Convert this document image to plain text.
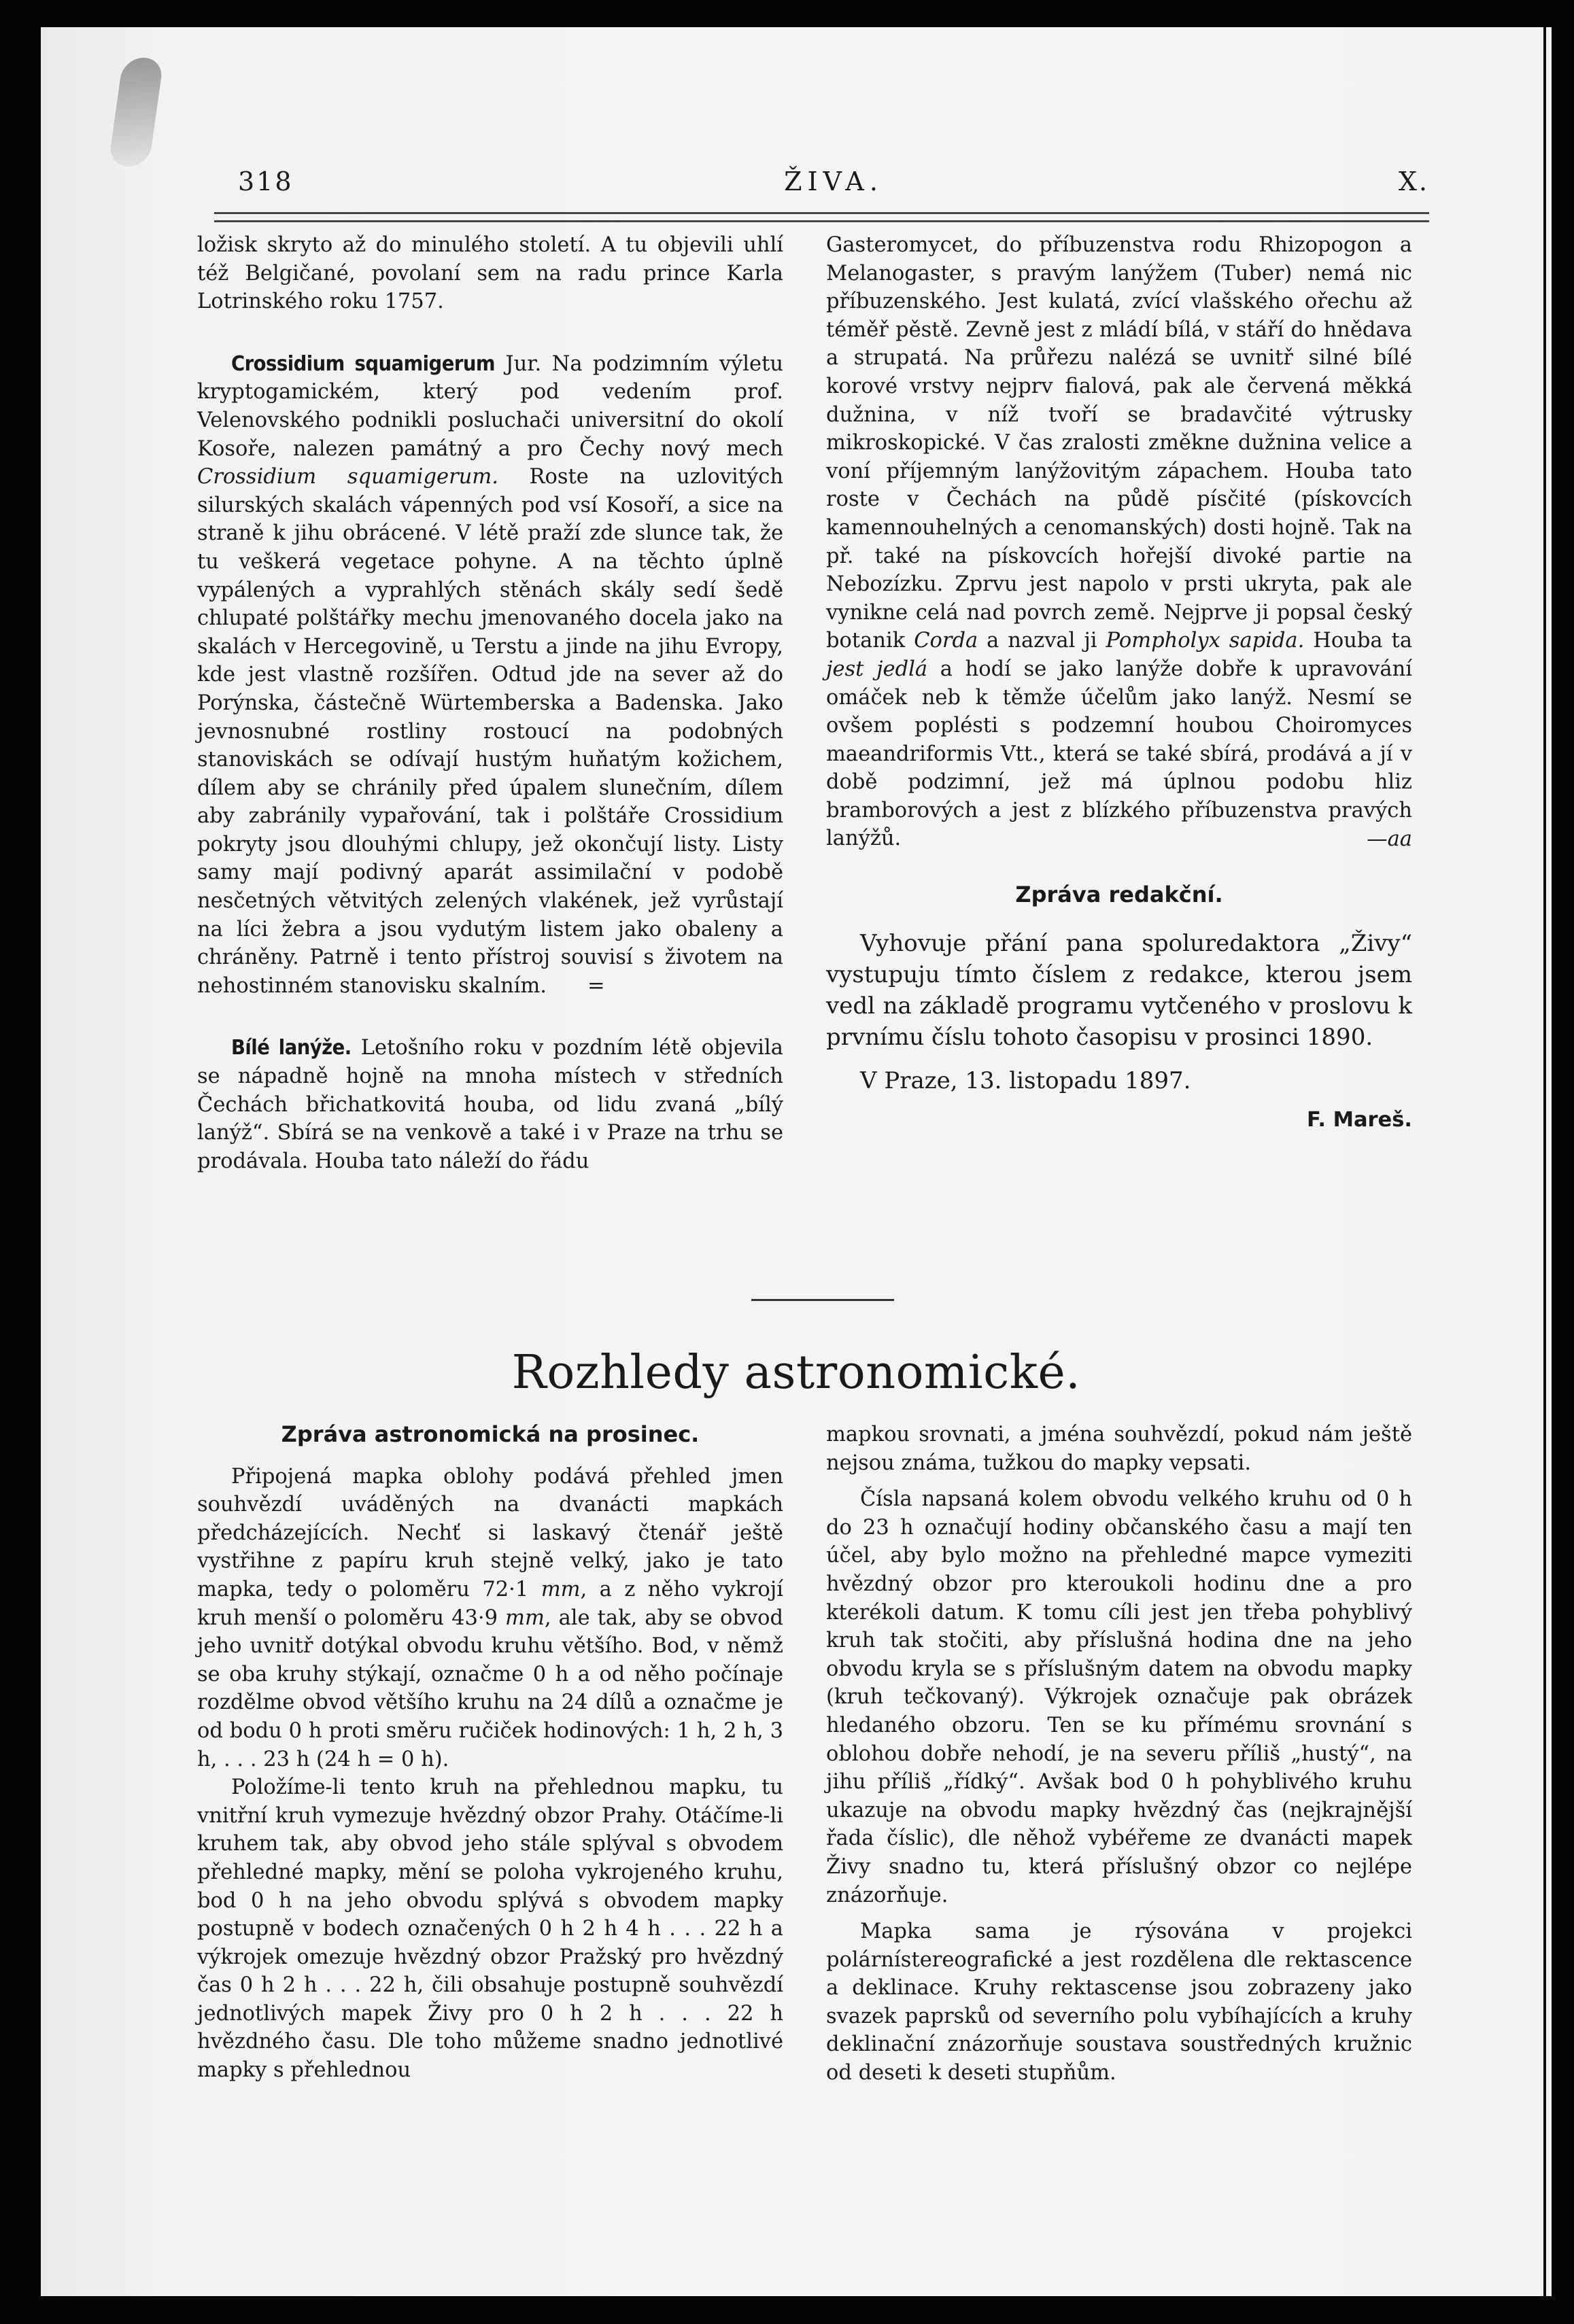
318	ŽIVA.	X.

ložisk skryto až do minulého století. A tu objevili uhlí též Belgičané, povolaní sem na radu prince Karla Lotrinského roku 1757.

Crossidium squamigerum Jur. Na podzimním výletu kryptogamickém, který pod vedením prof. Velenovského podnikli posluchači universitní do okolí Kosoře, nalezen památný a pro Čechy nový mech Crossidium squamigerum. Roste na uzlovitých silurských skalách vápenných pod vsí Kosoří, a sice na straně k jihu obrácené. V létě praží zde slunce tak, že tu veškerá vegetace pohyne. A na těchto úplně vypálených a vyprahlých stěnách skály sedí šedě chlupaté polštářky mechu jmenovaného docela jako na skalách v Hercegovině, u Terstu a jinde na jihu Evropy, kde jest vlastně rozšířen. Odtud jde na sever až do Porýnska, částečně Würtemberska a Badenska. Jako jevnosnubné rostliny rostoucí na podobných stanoviskách se odívají hustým huňatým kožichem, dílem aby se chránily před úpalem slunečním, dílem aby zabránily vypařování, tak i polštáře Crossidium pokryty jsou dlouhými chlupy, jež okončují listy. Listy samy mají podivný aparát assimilační v podobě nesčetných větvitých zelených vlakének, jež vyrůstají na líci žebra a jsou vydutým listem jako obaleny a chráněny. Patrně i tento přístroj souvisí s životem na nehostinném stanovisku skalním. =

Bílé lanýže. Letošního roku v pozdním létě objevila se nápadně hojně na mnoha místech v středních Čechách břichatkovitá houba, od lidu zvaná „bílý lanýž“. Sbírá se na venkově a také i v Praze na trhu se prodávala. Houba tato náleží do řádu

Gasteromycet, do příbuzenstva rodu Rhizopogon a Melanogaster, s pravým lanýžem (Tuber) nemá nic příbuzenského. Jest kulatá, zvící vlašského ořechu až téměř pěstě. Zevně jest z mládí bílá, v stáří do hnědava a strupatá. Na průřezu nalézá se uvnitř silné bílé korové vrstvy nejprv fialová, pak ale červená měkká dužnina, v níž tvoří se bradavčité výtrusky mikroskopické. V čas zralosti změkne dužnina velice a voní příjemným lanýžovitým zápachem. Houba tato roste v Čechách na půdě písčité (pískovcích kamennouhelných a cenomanských) dosti hojně. Tak na př. také na pískovcích hořejší divoké partie na Nebozízku. Zprvu jest napolo v prsti ukryta, pak ale vynikne celá nad povrch země. Nejprve ji popsal český botanik Corda a nazval ji Pompholyx sapida. Houba ta jest jedlá a hodí se jako lanýže dobře k upravování omáček neb k těmže účelům jako lanýž. Nesmí se ovšem poplésti s podzemní houbou Choiromyces maeandriformis Vtt., která se také sbírá, prodává a jí v době podzimní, jež má úplnou podobu hliz bramborových a jest z blízkého příbuzenstva pravých lanýžů.	—aa

Zpráva redakční.

Vyhovuje přání pana spoluredaktora „Živy“ vystupuju tímto číslem z redakce, kterou jsem vedl na základě programu vytčeného v proslovu k prvnímu číslu tohoto časopisu v prosinci 1890.

V Praze, 13. listopadu 1897.

F. Mareš.

Rozhledy astronomické.

Zpráva astronomická na prosinec.

Připojená mapka oblohy podává přehled jmen souhvězdí uváděných na dvanácti mapkách předcházejících. Nechť si laskavý čtenář ještě vystřihne z papíru kruh stejně velký, jako je tato mapka, tedy o poloměru 72·1 mm, a z něho vykrojí kruh menší o poloměru 43·9 mm, ale tak, aby se obvod jeho uvnitř dotýkal obvodu kruhu většího. Bod, v němž se oba kruhy stýkají, označme 0 h a od něho počínaje rozdělme obvod většího kruhu na 24 dílů a označme je od bodu 0 h proti směru ručiček hodinových: 1 h, 2 h, 3 h, . . . 23 h (24 h = 0 h).

Položíme-li tento kruh na přehlednou mapku, tu vnitřní kruh vymezuje hvězdný obzor Prahy. Otáčíme-li kruhem tak, aby obvod jeho stále splýval s obvodem přehledné mapky, mění se poloha vykrojeného kruhu, bod 0 h na jeho obvodu splývá s obvodem mapky postupně v bodech označených 0 h 2 h 4 h . . . 22 h a výkrojek omezuje hvězdný obzor Pražský pro hvězdný čas 0 h 2 h . . . 22 h, čili obsahuje postupně souhvězdí jednotlivých mapek Živy pro 0 h 2 h . . . 22 h hvězdného času. Dle toho můžeme snadno jednotlivé mapky s přehlednou

mapkou srovnati, a jména souhvězdí, pokud nám ještě nejsou známa, tužkou do mapky vepsati.

Čísla napsaná kolem obvodu velkého kruhu od 0 h do 23 h označují hodiny občanského času a mají ten účel, aby bylo možno na přehledné mapce vymeziti hvězdný obzor pro kteroukoli hodinu dne a pro kterékoli datum. K tomu cíli jest jen třeba pohyblivý kruh tak stočiti, aby příslušná hodina dne na jeho obvodu kryla se s příslušným datem na obvodu mapky (kruh tečkovaný). Výkrojek označuje pak obrázek hledaného obzoru. Ten se ku přímému srovnání s oblohou dobře nehodí, je na severu příliš „hustý“, na jihu příliš „řídký“. Avšak bod 0 h pohyblivého kruhu ukazuje na obvodu mapky hvězdný čas (nejkrajnější řada číslic), dle něhož vybéřeme ze dvanácti mapek Živy snadno tu, která příslušný obzor co nejlépe znázorňuje.

Mapka sama je rýsována v projekci polárnístereografické a jest rozdělena dle rektascence a deklinace. Kruhy rektascense jsou zobrazeny jako svazek paprsků od severního polu vybíhajících a kruhy deklinační znázorňuje soustava soustředných kružnic od deseti k deseti stupňům.
